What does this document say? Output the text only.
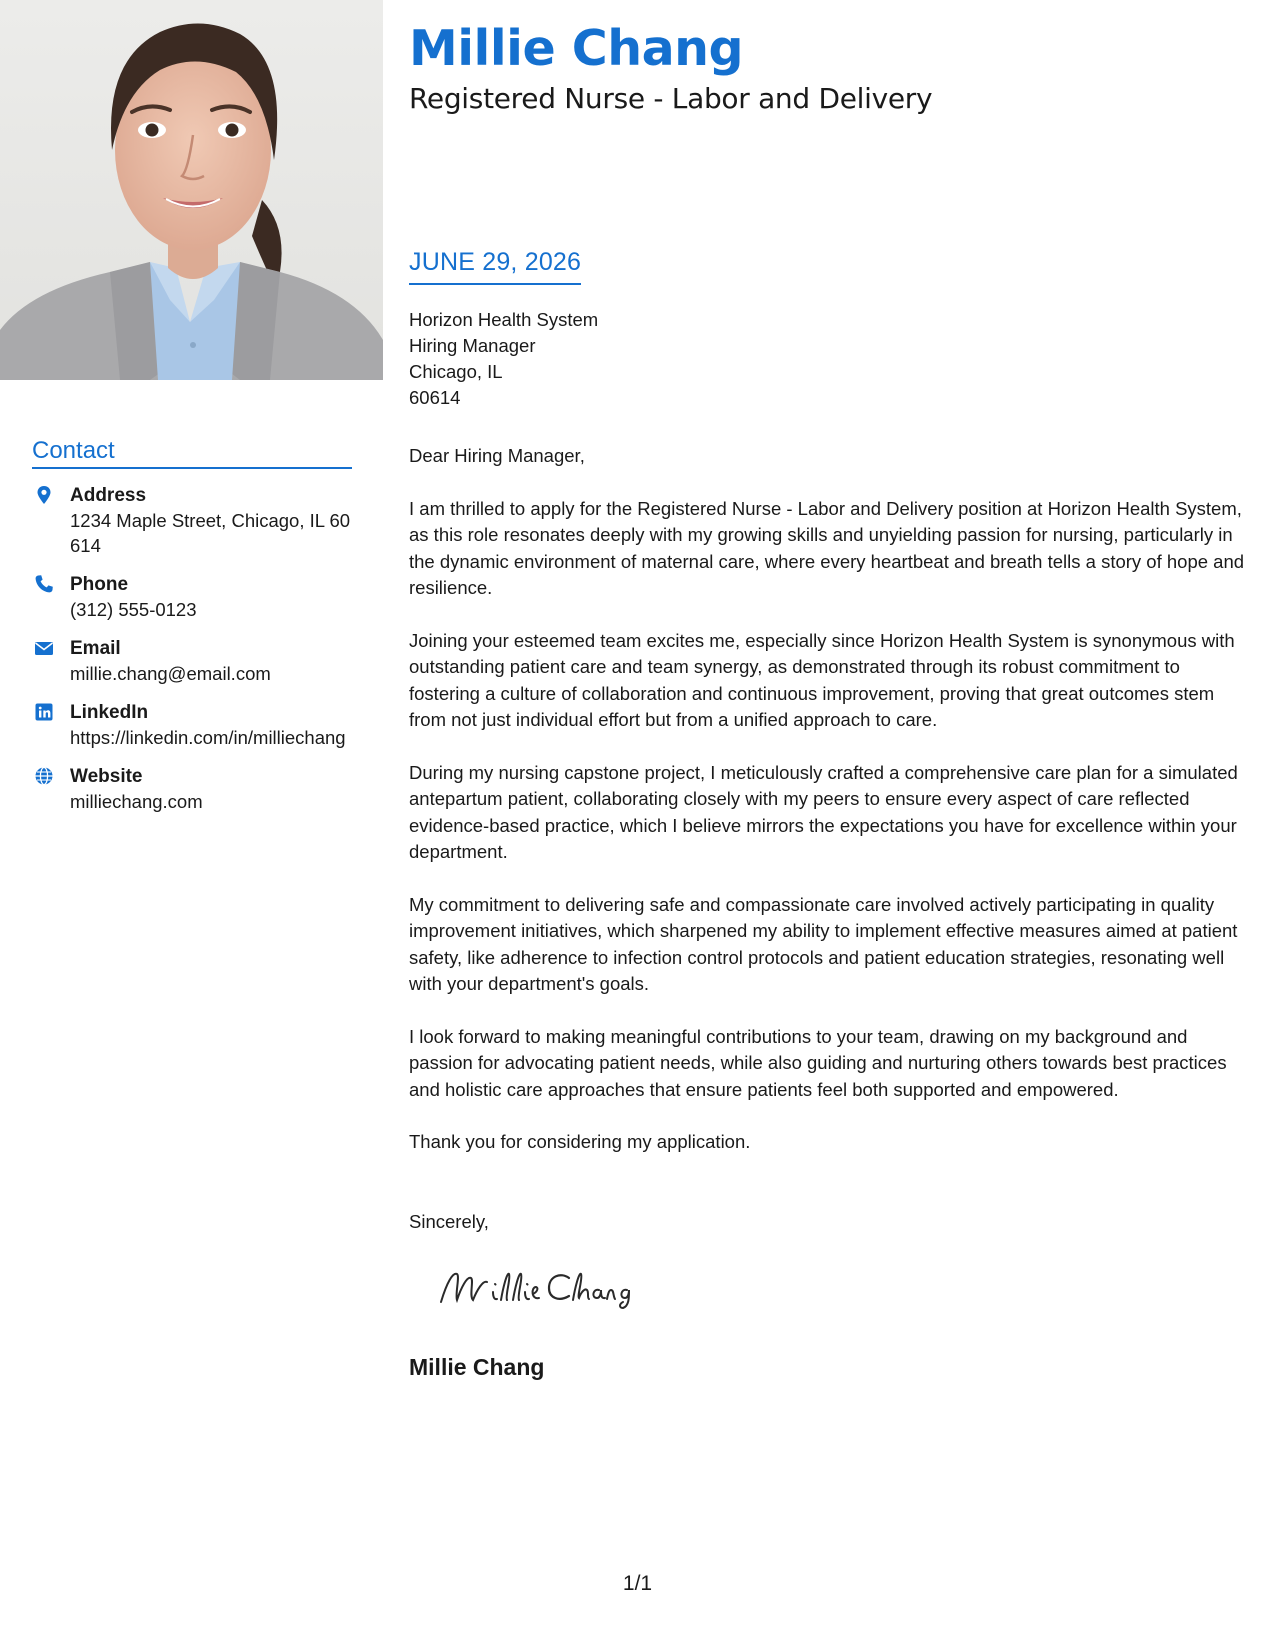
Millie Chang
Registered Nurse - Labor and Delivery
JUNE 29, 2026
Horizon Health System
Hiring Manager
Chicago, IL
60614
Contact
Address
1234 Maple Street, Chicago, IL 60614
Phone
(312) 555-0123
Email
millie.chang@email.com
LinkedIn
https://linkedin.com/in/milliechang
Website
milliechang.com

Dear Hiring Manager,

I am thrilled to apply for the Registered Nurse - Labor and Delivery position at Horizon Health System, as this role resonates deeply with my growing skills and unyielding passion for nursing, particularly in the dynamic environment of maternal care, where every heartbeat and breath tells a story of hope and resilience.

Joining your esteemed team excites me, especially since Horizon Health System is synonymous with outstanding patient care and team synergy, as demonstrated through its robust commitment to fostering a culture of collaboration and continuous improvement, proving that great outcomes stem from not just individual effort but from a unified approach to care.

During my nursing capstone project, I meticulously crafted a comprehensive care plan for a simulated antepartum patient, collaborating closely with my peers to ensure every aspect of care reflected evidence-based practice, which I believe mirrors the expectations you have for excellence within your department.

My commitment to delivering safe and compassionate care involved actively participating in quality improvement initiatives, which sharpened my ability to implement effective measures aimed at patient safety, like adherence to infection control protocols and patient education strategies, resonating well with your department's goals.

I look forward to making meaningful contributions to your team, drawing on my background and passion for advocating patient needs, while also guiding and nurturing others towards best practices and holistic care approaches that ensure patients feel both supported and empowered.

Thank you for considering my application.

Sincerely,
Millie Chang
1/1
